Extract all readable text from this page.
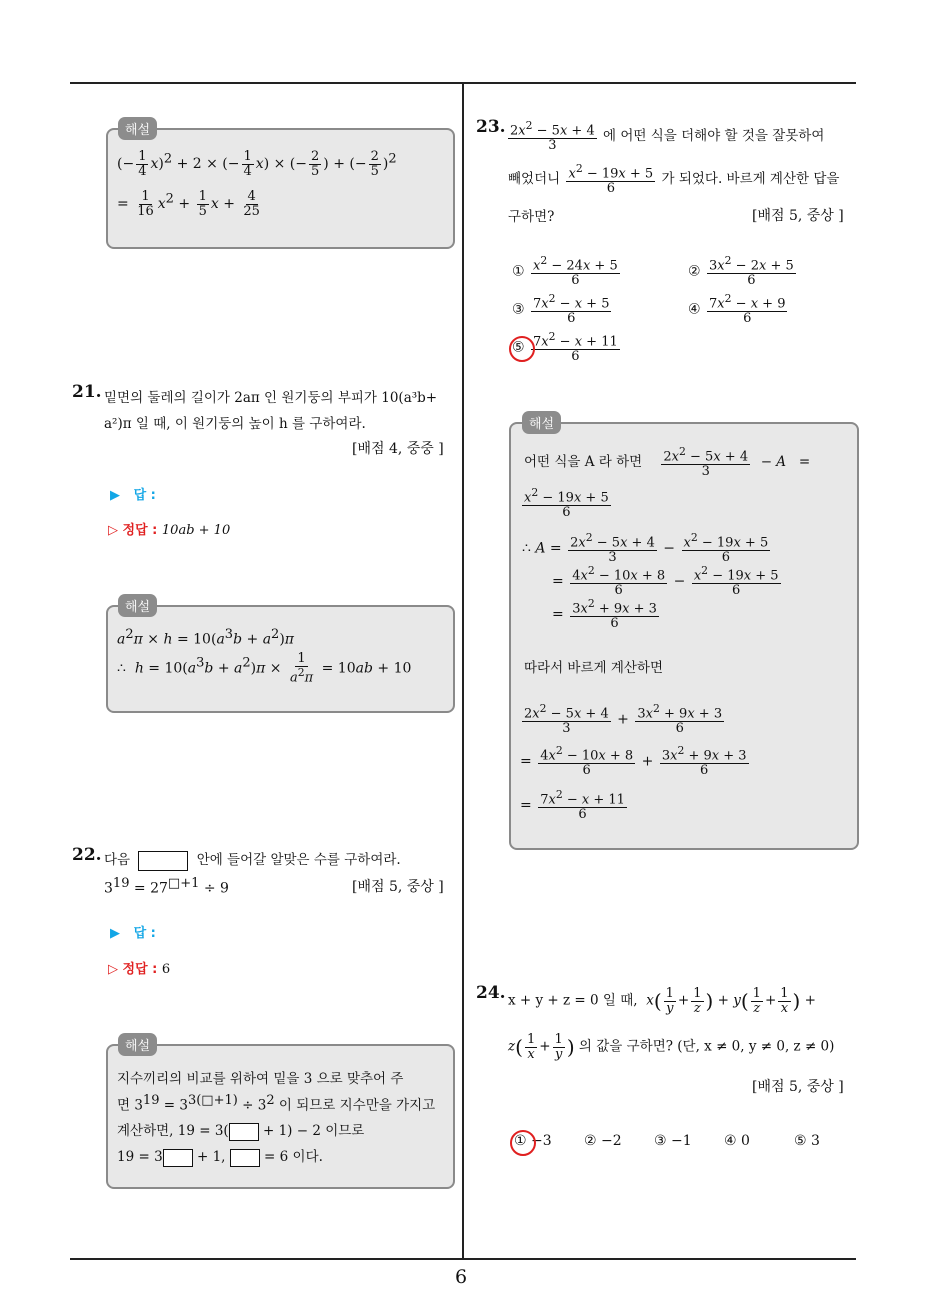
6
해설
(− $\frac{1}{4} x)^2 + 2$ × (− $\frac{1}{4} x$) × (− $\frac{2}{5}$ ) + (− $\frac{2}{5} )^2$
= $\frac{1}{16} x^2 + \frac{1}{5}$ $x + \frac{4}{25}$
21. 밑면의 둘레의 길이가 2aπ 인 원기둥의 부피가 10(a³b+
a²)π 일 때, 이 원기둥의 높이 h 를 구하여라.
[배점 4, 중중 ]
▶ 답 :
▷ 정답 : 10ab + 10
해설
$a^2\pi \times h = 10(a^3b + a^2)\pi$
∴  $h = 10(a^3b + a^2)\pi \times \frac{1}{a^2\pi} = 10ab + 10$
22. 다음	안에 들어갈 알맞은 수를 구하여라.
$3^{19} = 27^{□+1} \div 9$	[배점 5, 중상 ]
▶ 답 :
▷ 정답 : 6
해설
지수끼리의 비교를 위하여 밑을 3 으로 맞추어 주
면 $3^{19} = 3^{3(□+1)} \div 3^2$ 이 되므로 지수만을 가지고
계산하면, 19 = 3( + 1) − 2 이므로
19 = 3 + 1,  = 6 이다.
23. $\frac{2x^2 - 5x + 4}{3}$ 에 어떤 식을 더해야 할 것을 잘못하여
빼었더니 $\frac{x^2 - 19x + 5}{6}$ 가 되었다. 바르게 계산한 답을
구하면?	[배점 5, 중상 ]
① $\frac{x^2 - 24x + 5}{6}$	② $\frac{3x^2 - 2x + 5}{6}$
③ $\frac{7x^2 - x + 5}{6}$	④ $\frac{7x^2 - x + 9}{6}$
⑤ $\frac{7x^2 - x + 11}{6}$
해설
어떤 식을 A 라 하면 $\frac{2x^2 - 5x + 4}{3} - A$   =
$\frac{x^2 - 19x + 5}{6}$
∴ $A = \frac{2x^2 - 5x + 4}{3} - \frac{x^2 - 19x + 5}{6}$
= $\frac{4x^2 - 10x + 8}{6} - \frac{x^2 - 19x + 5}{6}$
= $\frac{3x^2 + 9x + 3}{6}$
따라서 바르게 계산하면
$\frac{2x^2 - 5x + 4}{3} + \frac{3x^2 + 9x + 3}{6}$
= $\frac{4x^2 - 10x + 8}{6} + \frac{3x^2 + 9x + 3}{6}$
= $\frac{7x^2 - x + 11}{6}$
24. x + y + z = 0 일 때, $x( \frac{1}{y} + \frac{1}{z}$ ) + $y( \frac{1}{z} + \frac{1}{x}$ ) +
$z( \frac{1}{x} + \frac{1}{y}$ ) 의 값을 구하면? (단, x ≠ 0, y ≠ 0, z ≠ 0)
[배점 5, 중상 ]
① −3 ② −2 ③ −1 ④ 0	⑤ 3
